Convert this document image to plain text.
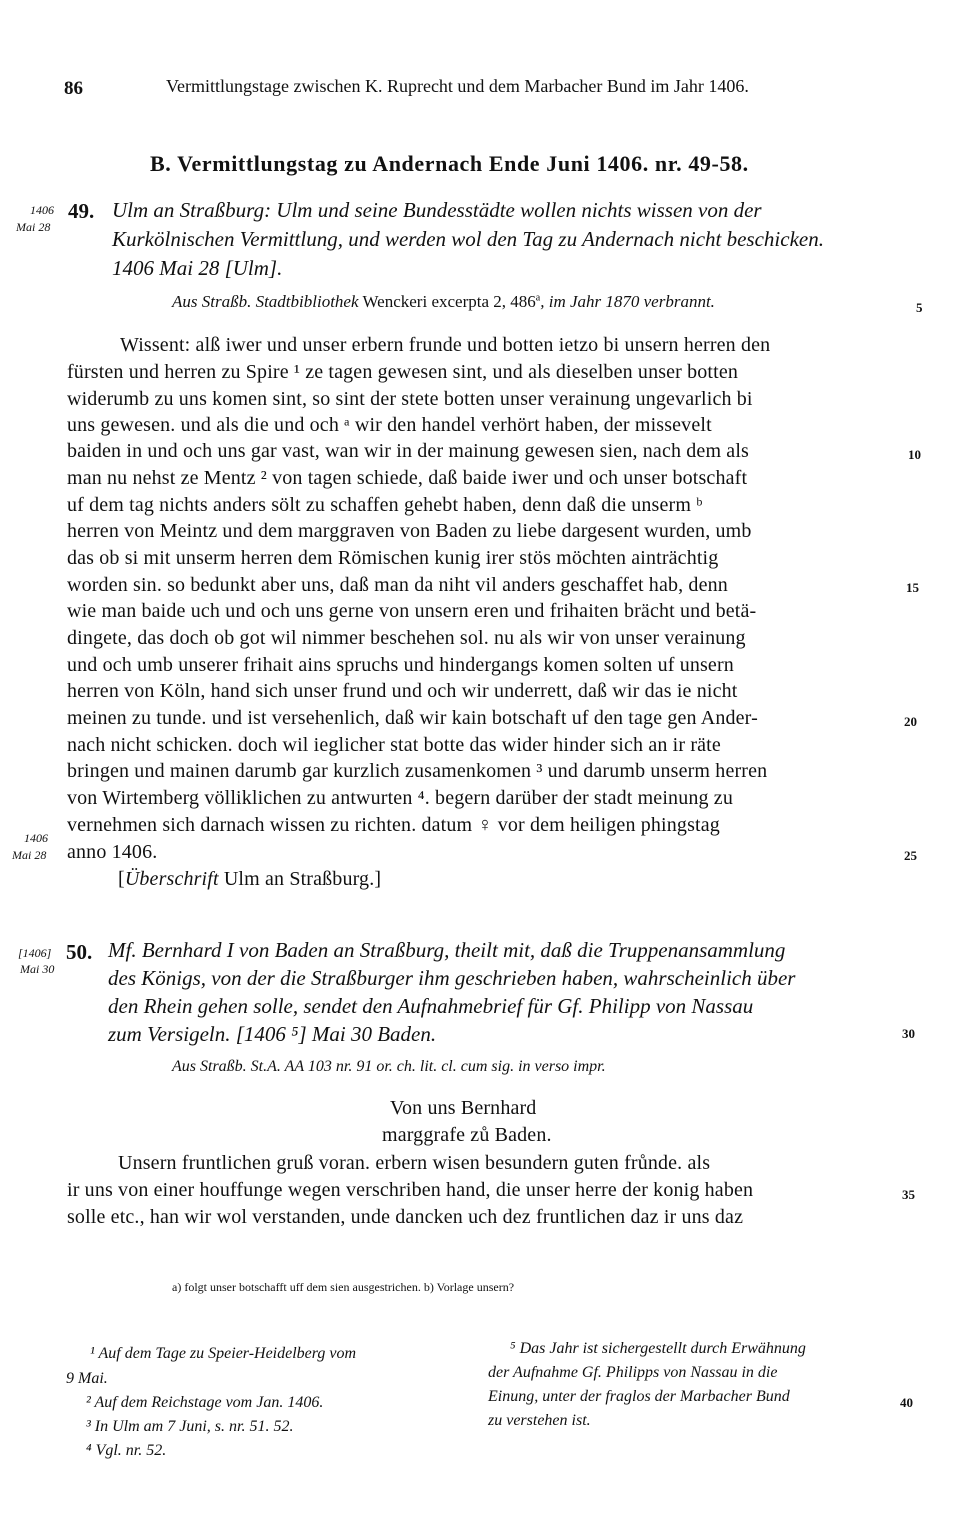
86	Vermittlungstage zwischen K. Ruprecht und dem Marbacher Bund im Jahr 1406.
B. Vermittlungstag zu Andernach Ende Juni 1406. nr. 49-58.
1406
Mai 28
49. Ulm an Straßburg: Ulm und seine Bundesstädte wollen nichts wissen von der
Kurkölnischen Vermittlung, und werden wol den Tag zu Andernach nicht beschicken.
1406 Mai 28 [Ulm].
Aus Straßb. Stadtbibliothek Wenckeri excerpta 2, 486$^a$, im Jahr 1870 verbrannt.
Wissent: alß iwer und unser erbern frunde und botten ietzo bi unsern herren den
fürsten und herren zu Spire ¹ ze tagen gewesen sint, und als dieselben unser botten
widerumb zu uns komen sint, so sint der stete botten unser verainung ungevarlich bi
uns gewesen. und als die und och ᵃ wir den handel verhört haben, der missevelt
baiden in und och uns gar vast, wan wir in der mainung gewesen sien, nach dem als
man nu nehst ze Mentz ² von tagen schiede, daß baide iwer und och unser botschaft
uf dem tag nichts anders sölt zu schaffen gehebt haben, denn daß die unserm ᵇ
herren von Meintz und dem marggraven von Baden zu liebe dargesent wurden, umb
das ob si mit unserm herren dem Römischen kunig irer stös möchten ainträchtig
worden sin. so bedunkt aber uns, daß man da niht vil anders geschaffet hab, denn
wie man baide uch und och uns gerne von unsern eren und frihaiten brächt und betä-
dingete, das doch ob got wil nimmer beschehen sol. nu als wir von unser verainung
und och umb unserer frihait ains spruchs und hindergangs komen solten uf unsern
herren von Köln, hand sich unser frund und och wir underrett, daß wir das ie nicht
meinen zu tunde. und ist versehenlich, daß wir kain botschaft uf den tage gen Ander-
nach nicht schicken. doch wil ieglicher stat botte das wider hinder sich an ir räte
bringen und mainen darumb gar kurzlich zusamenkomen ³ und darumb unserm herren
von Wirtemberg völliklichen zu antwurten ⁴. begern darüber der stadt meinung zu
vernehmen sich darnach wissen zu richten. datum ♀ vor dem heiligen phingstag
anno 1406.
1406
Mai 28
[Überschrift Ulm an Straßburg.]
[1406]
Mai 30
50. Mf. Bernhard I von Baden an Straßburg, theilt mit, daß die Truppenansammlung
des Königs, von der die Straßburger ihm geschrieben haben, wahrscheinlich über
den Rhein gehen solle, sendet den Aufnahmebrief für Gf. Philipp von Nassau
zum Versigeln. [1406 ⁵] Mai 30 Baden.
Aus Straßb. St.A. AA 103 nr. 91 or. ch. lit. cl. cum sig. in verso impr.
Von uns Bernhard
marggrafe zů Baden.
Unsern fruntlichen gruß voran. erbern wisen besundern guten frůnde. als
ir uns von einer houffunge wegen verschriben hand, die unser herre der konig haben
solle etc., han wir wol verstanden, unde dancken uch dez fruntlichen daz ir uns daz
5
10
15
20
25
30
35
40
a) folgt unser botschafft uff dem sien ausgestrichen. b) Vorlage unsern?
¹ Auf dem Tage zu Speier-Heidelberg vom
9 Mai.
² Auf dem Reichstage vom Jan. 1406.
³ In Ulm am 7 Juni, s. nr. 51. 52.
⁴ Vgl. nr. 52.
⁵ Das Jahr ist sichergestellt durch Erwähnung
der Aufnahme Gf. Philipps von Nassau in die
Einung, unter der fraglos der Marbacher Bund
zu verstehen ist.
